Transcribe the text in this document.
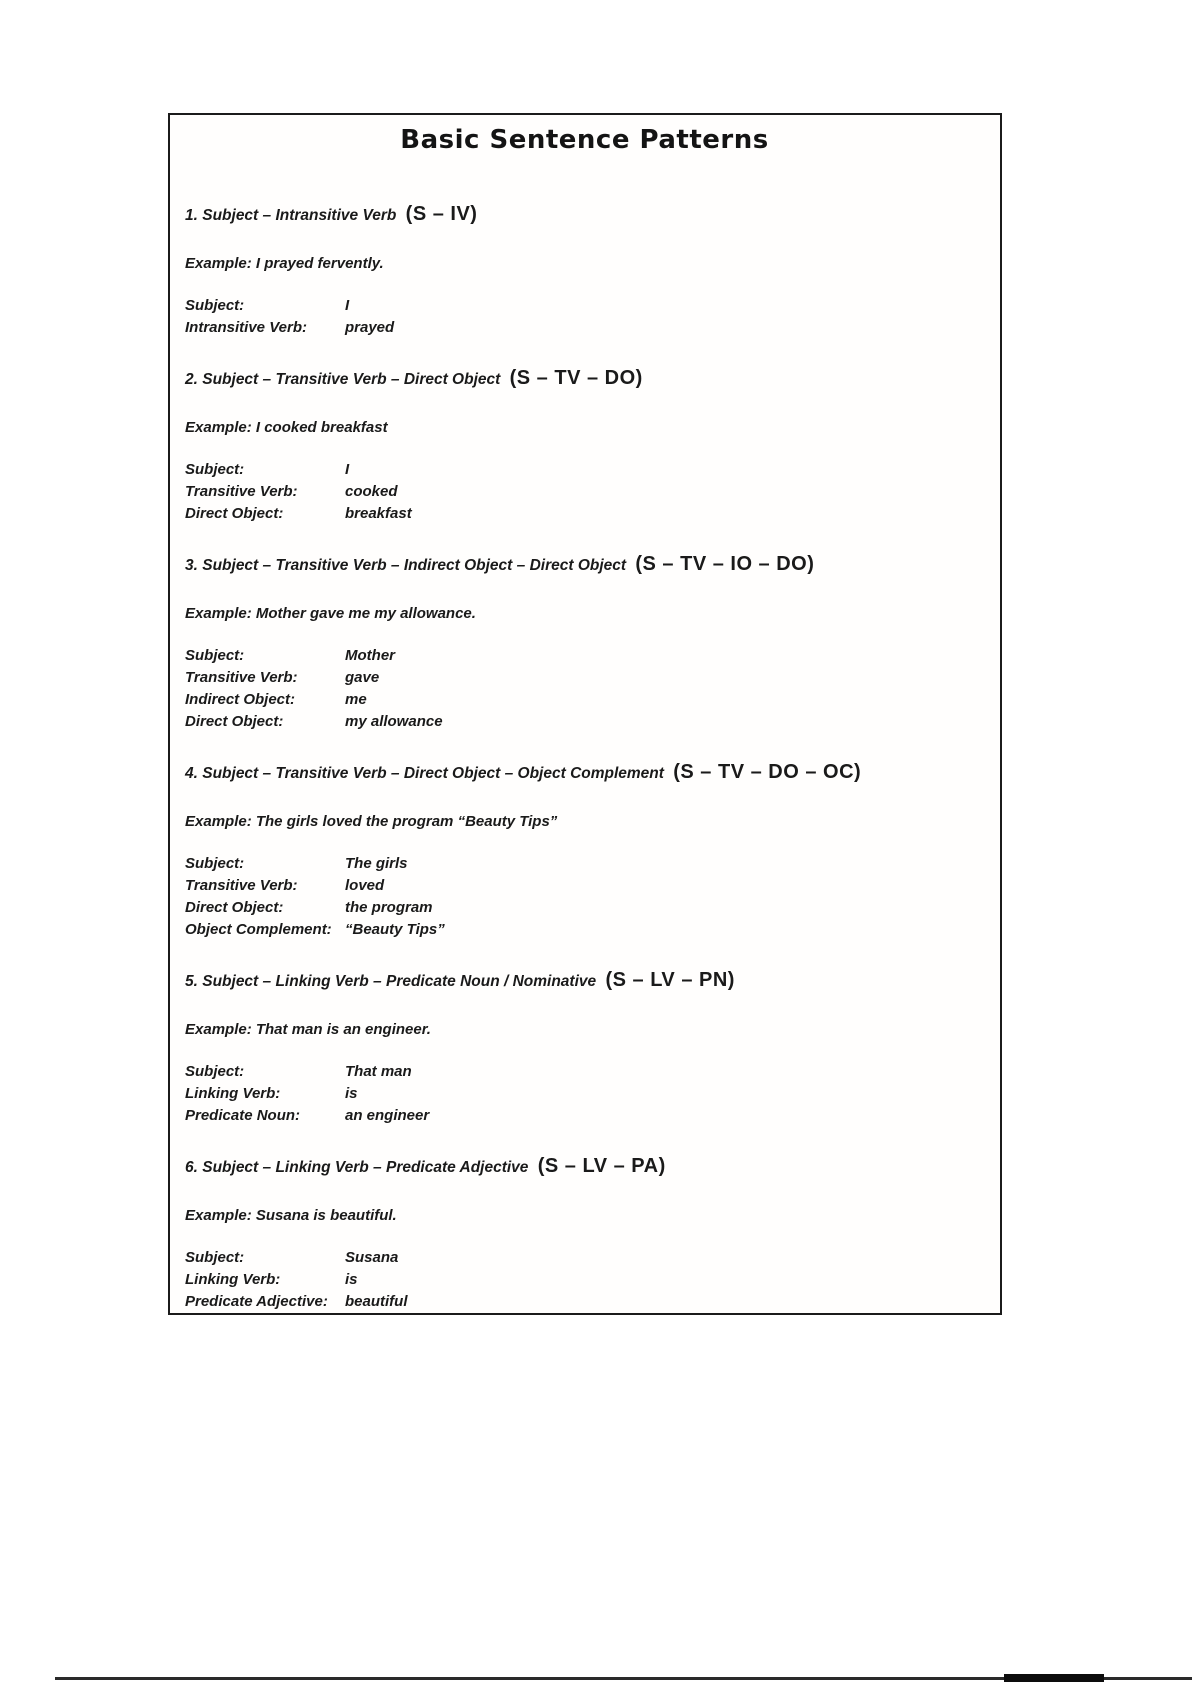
Basic Sentence Patterns
1. Subject – Intransitive Verb (S – IV)

Example: I prayed fervently.

Subject:	I
Intransitive Verb:	prayed
2. Subject – Transitive Verb – Direct Object (S – TV – DO)

Example: I cooked breakfast

Subject:	I
Transitive Verb:	cooked
Direct Object:	breakfast
3. Subject – Transitive Verb – Indirect Object – Direct Object (S – TV – IO – DO)

Example: Mother gave me my allowance.

Subject:	Mother
Transitive Verb:	gave
Indirect Object:	me
Direct Object:	my allowance
4. Subject – Transitive Verb – Direct Object – Object Complement (S – TV – DO – OC)

Example: The girls loved the program “Beauty Tips”

Subject:	The girls
Transitive Verb:	loved
Direct Object:	the program
Object Complement: “Beauty Tips”
5. Subject – Linking Verb – Predicate Noun / Nominative (S – LV – PN)

Example: That man is an engineer.

Subject:	That man
Linking Verb:	is
Predicate Noun:	an engineer
6. Subject – Linking Verb – Predicate Adjective (S – LV – PA)

Example: Susana is beautiful.

Subject:	Susana
Linking Verb:	is
Predicate Adjective: beautiful
